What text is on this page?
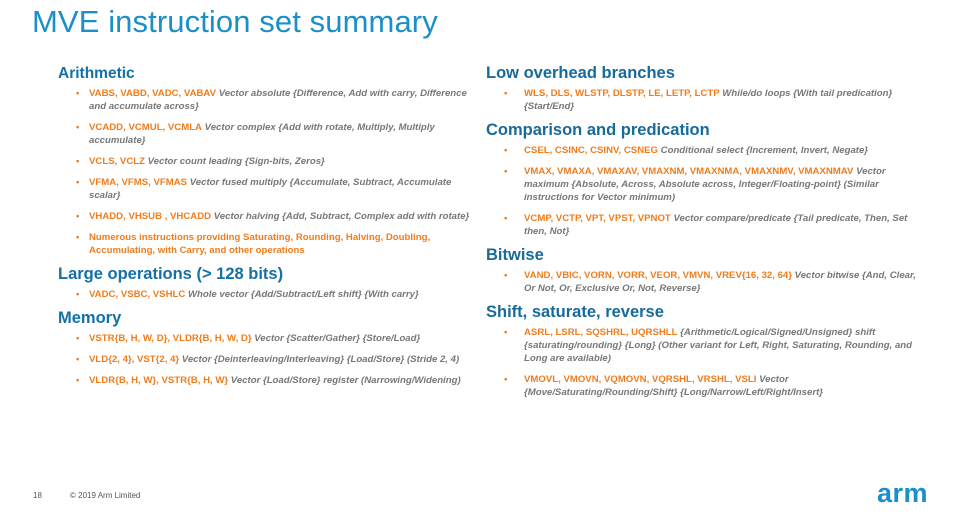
MVE instruction set summary
Arithmetic
• VABS, VABD, VADC, VABAV Vector absolute {Difference, Add with carry, Difference and accumulate across}
• VCADD, VCMUL, VCMLA Vector complex {Add with rotate, Multiply, Multiply accumulate}
• VCLS, VCLZ Vector count leading {Sign-bits, Zeros}
• VFMA, VFMS, VFMAS Vector fused multiply {Accumulate, Subtract, Accumulate scalar}
• VHADD, VHSUB , VHCADD Vector halving {Add, Subtract, Complex add with rotate}
• Numerous instructions providing Saturating, Rounding, Halving, Doubling, Accumulating, with Carry, and other operations
Large operations (> 128 bits)
• VADC, VSBC, VSHLC Whole vector {Add/Subtract/Left shift} {With carry}
Memory
• VSTR{B, H, W, D}, VLDR{B, H, W, D} Vector {Scatter/Gather} {Store/Load}
• VLD{2, 4}, VST{2, 4} Vector {Deinterleaving/Interleaving} {Load/Store} (Stride 2, 4)
• VLDR{B, H, W}, VSTR{B, H, W} Vector {Load/Store} register (Narrowing/Widening)
Low overhead branches
• WLS, DLS, WLSTP, DLSTP, LE, LETP, LCTP While/do loops {With tail predication} {Start/End}
Comparison and predication
• CSEL, CSINC, CSINV, CSNEG Conditional select {Increment, Invert, Negate}
• VMAX, VMAXA, VMAXAV, VMAXNM, VMAXNMA, VMAXNMV, VMAXNMAV Vector maximum {Absolute, Across, Absolute across, Integer/Floating-point} (Similar instructions for Vector minimum)
• VCMP, VCTP, VPT, VPST, VPNOT Vector compare/predicate {Tail predicate, Then, Set then, Not}
Bitwise
• VAND, VBIC, VORN, VORR, VEOR, VMVN, VREV{16, 32, 64} Vector bitwise {And, Clear, Or Not, Or, Exclusive Or, Not, Reverse}
Shift, saturate, reverse
• ASRL, LSRL, SQSHRL, UQRSHLL {Arithmetic/Logical/Signed/Unsigned} shift {saturating/rounding} {Long} (Other variant for Left, Right, Saturating, Rounding, and Long are available)
• VMOVL, VMOVN, VQMOVN, VQRSHL, VRSHL, VSLI Vector {Move/Saturating/Rounding/Shift} {Long/Narrow/Left/Right/Insert}
18	© 2019 Arm Limited	arm
